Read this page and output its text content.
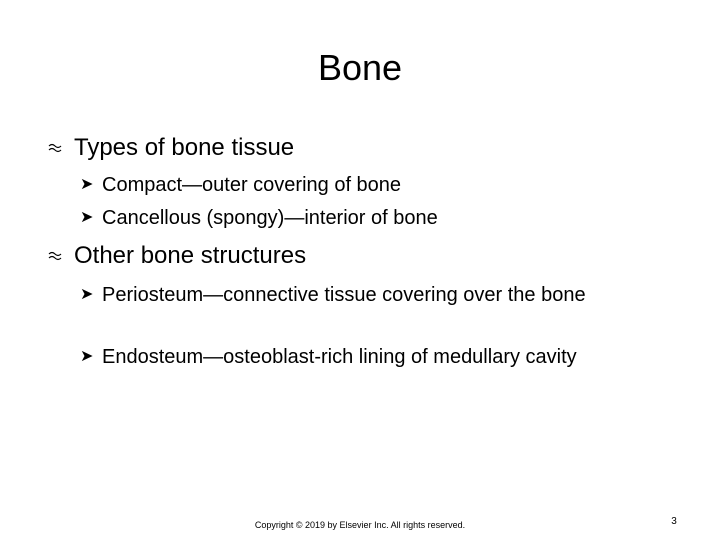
Bone
Types of bone tissue
➤ Compact—outer covering of bone
➤ Cancellous (spongy)—interior of bone
Other bone structures
➤ Periosteum—connective tissue covering over the bone
➤ Endosteum—osteoblast-rich lining of medullary cavity
Copyright © 2019 by Elsevier Inc. All rights reserved.	3
